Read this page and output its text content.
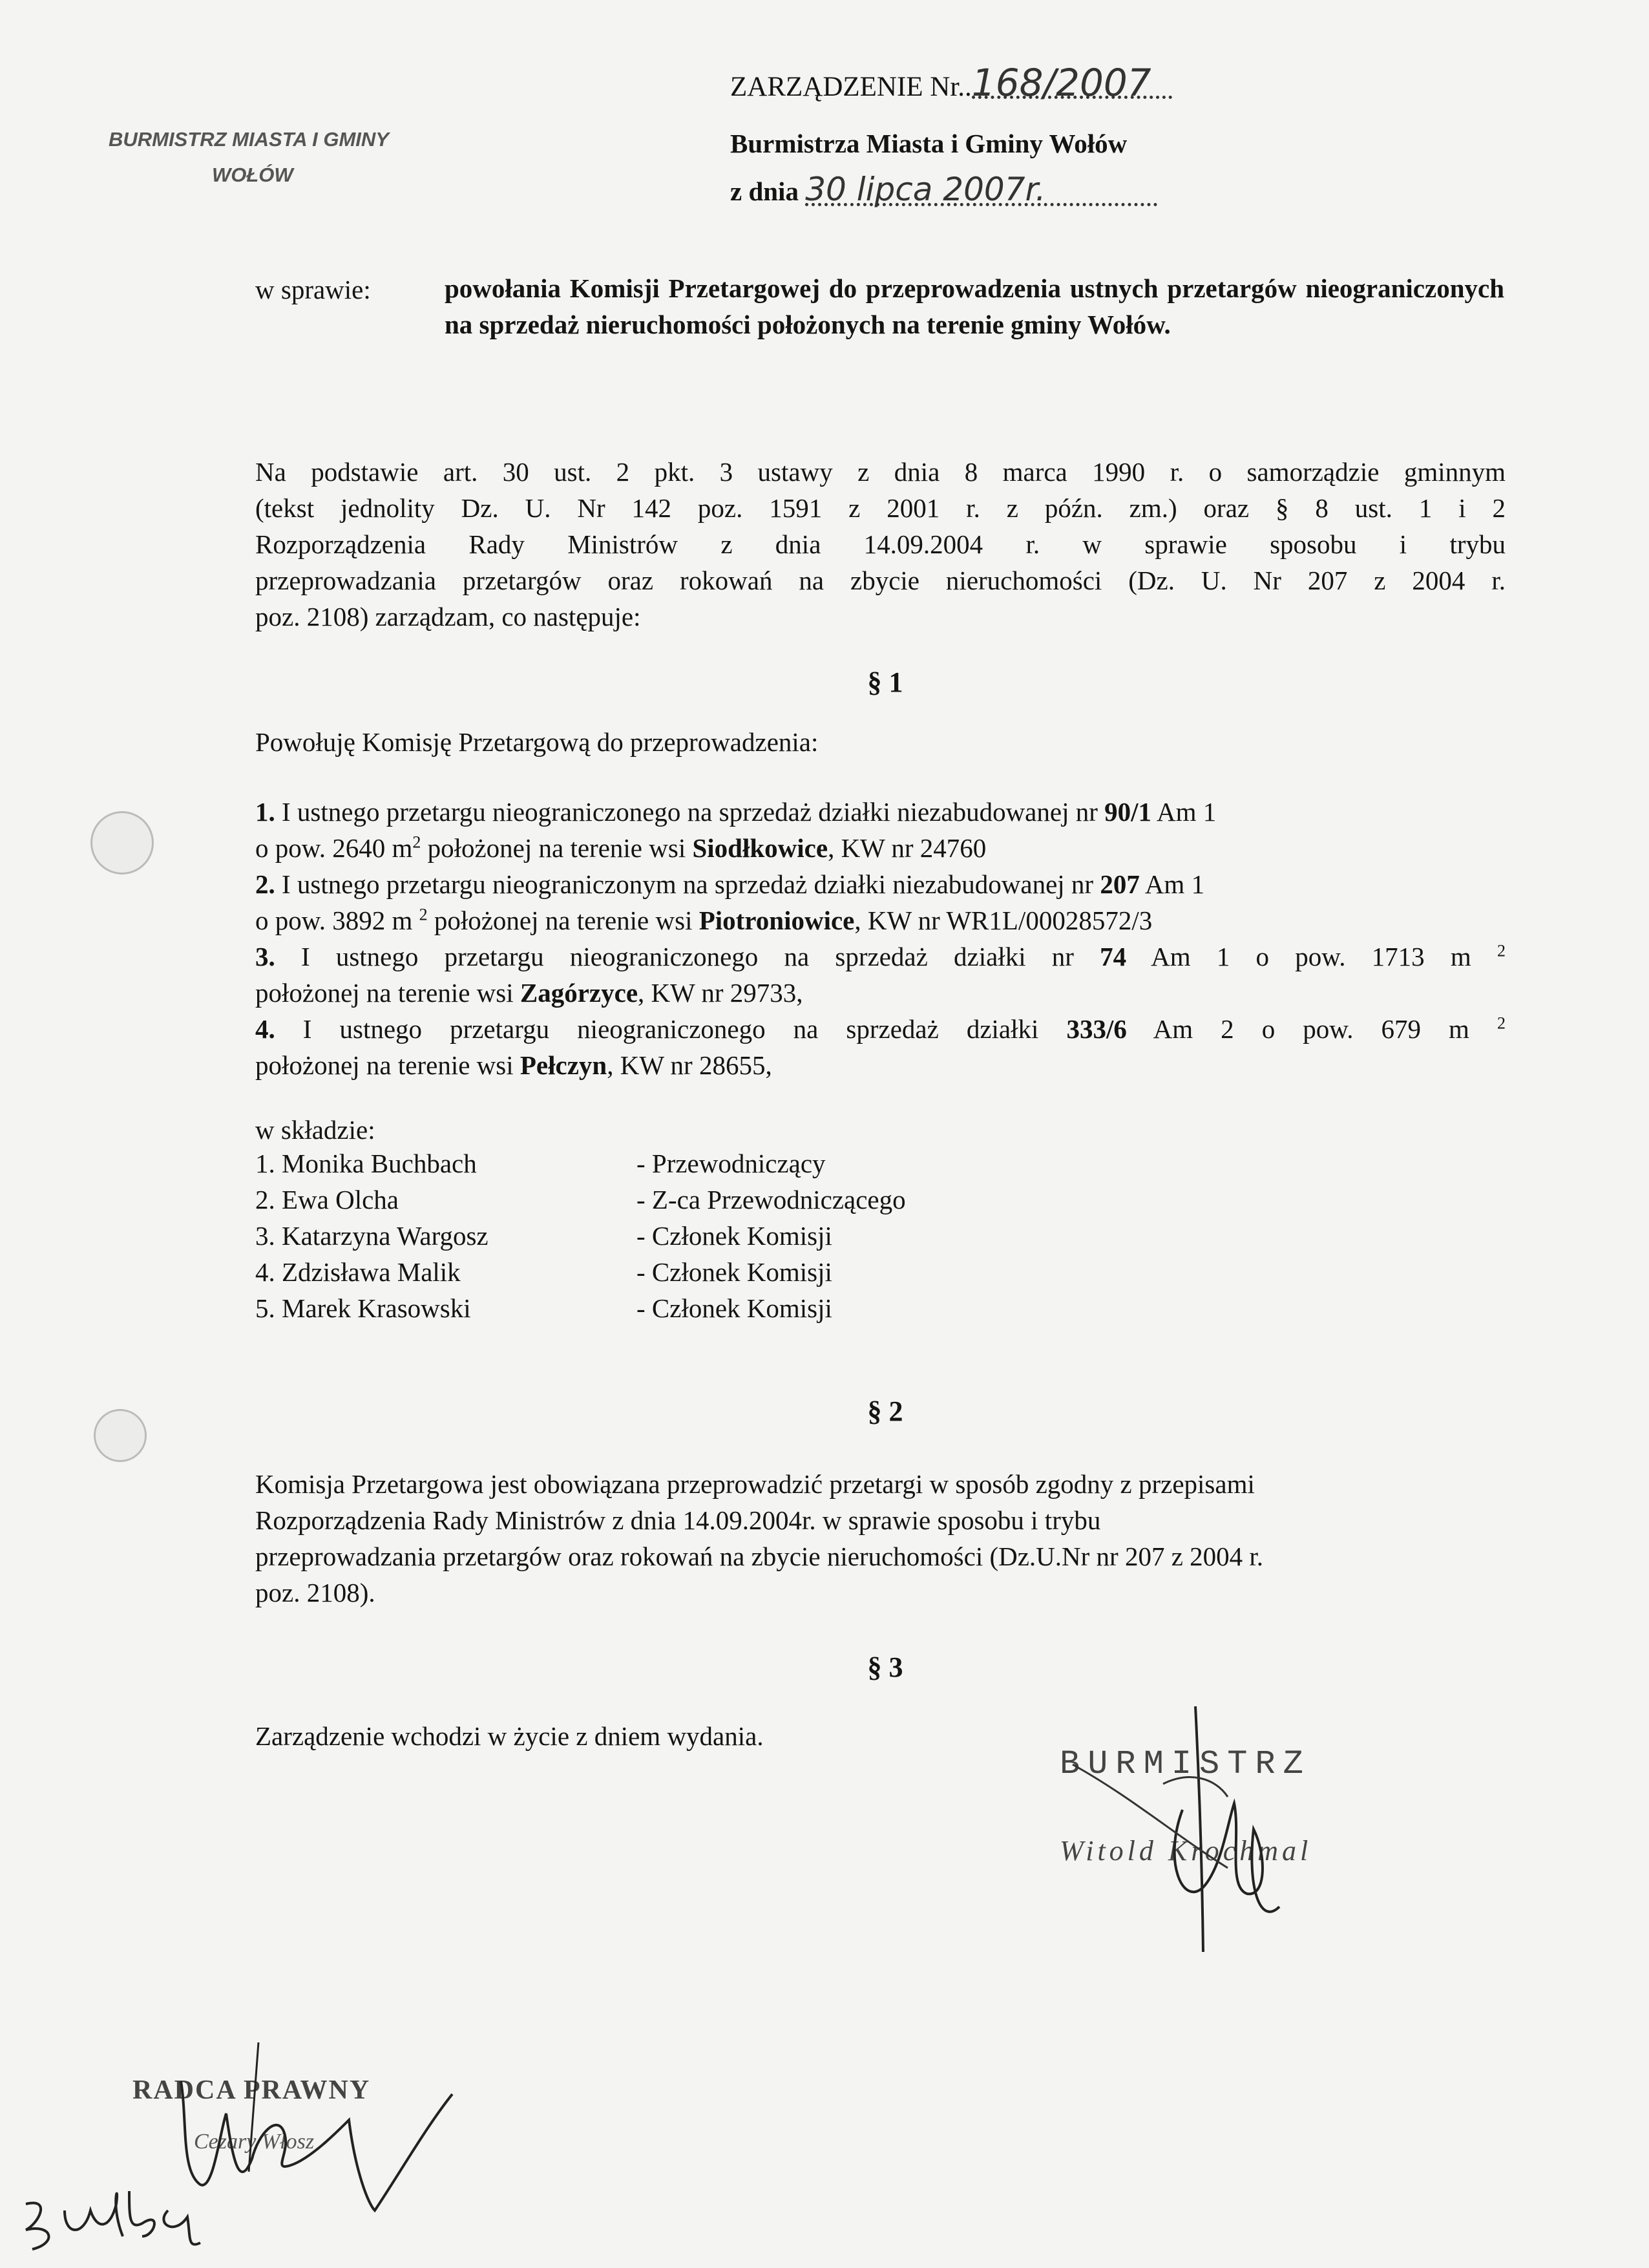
BURMISTRZ MIASTA I GMINY
WOŁÓW
ZARZĄDZENIE Nr..168/2007
Burmistrza Miasta i Gminy Wołów
z dnia 30 lipca 2007r.
w sprawie:	powołania Komisji Przetargowej do przeprowadzenia ustnych przetargów nieograniczonych na sprzedaż nieruchomości położonych na terenie gminy Wołów.
Na podstawie art. 30 ust. 2 pkt. 3 ustawy z dnia 8 marca 1990 r. o samorządzie gminnym
(tekst jednolity Dz. U. Nr 142 poz. 1591 z 2001 r. z późn. zm.) oraz § 8 ust. 1 i 2
Rozporządzenia Rady Ministrów z dnia 14.09.2004 r. w sprawie sposobu i trybu
przeprowadzania przetargów oraz rokowań na zbycie nieruchomości (Dz. U. Nr 207 z 2004 r.
poz. 2108) zarządzam, co następuje:
§ 1
Powołuję Komisję Przetargową do przeprowadzenia:
1. I ustnego przetargu nieograniczonego na sprzedaż działki niezabudowanej nr 90/1 Am 1
o pow. 2640 $m^2$ położonej na terenie wsi Siodłkowice, KW nr 24760
2. I ustnego przetargu nieograniczonym na sprzedaż działki niezabudowanej nr 207 Am 1
o pow. 3892 m $^2$ położonej na terenie wsi Piotroniowice, KW nr WR1L/00028572/3
3. I ustnego przetargu nieograniczonego na sprzedaż działki nr 74 Am 1 o pow. 1713 m $^2$
położonej na terenie wsi Zagórzyce, KW nr 29733,
4. I ustnego przetargu nieograniczonego na sprzedaż działki 333/6 Am 2 o pow. 679 m $^2$
położonej na terenie wsi Pełczyn, KW nr 28655,
w składzie:
1. Monika Buchbach	- Przewodniczący
2. Ewa Olcha	- Z-ca Przewodniczącego
3. Katarzyna Wargosz	- Członek Komisji
4. Zdzisława Malik	- Członek Komisji
5. Marek Krasowski	- Członek Komisji
§ 2
Komisja Przetargowa jest obowiązana przeprowadzić przetargi w sposób zgodny z przepisami
Rozporządzenia Rady Ministrów z dnia 14.09.2004r. w sprawie sposobu i trybu
przeprowadzania przetargów oraz rokowań na zbycie nieruchomości (Dz.U.Nr nr 207 z 2004 r.
poz. 2108).
§ 3
Zarządzenie wchodzi w życie z dniem wydania.
BURMISTRZ
Witold Krochmal
RADCA PRAWNY
Cezary Włosz
